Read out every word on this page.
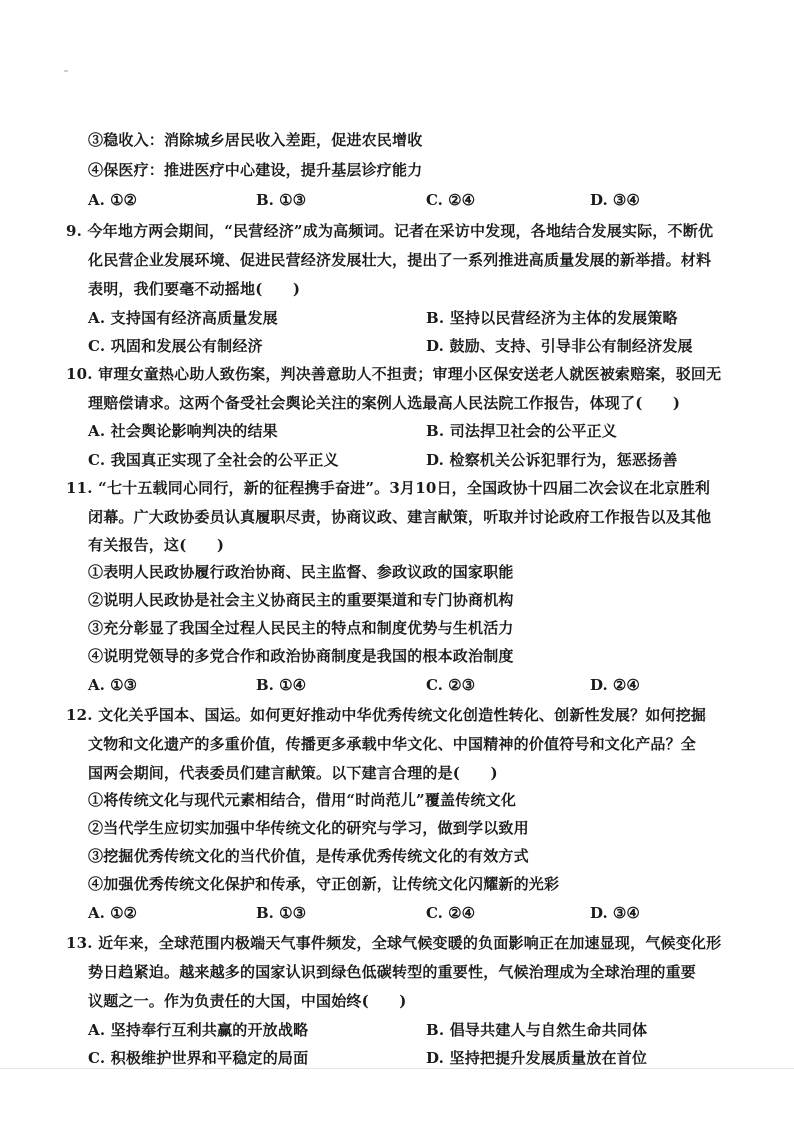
③稳收入：消除城乡居民收入差距，促进农民增收
④保医疗：推进医疗中心建设，提升基层诊疗能力
A. ①②	B. ①③	C. ②④	D. ③④
9. 今年地方两会期间，“民营经济”成为高频词。记者在采访中发现，各地结合发展实际，不断优
化民营企业发展环境、促进民营经济发展壮大，提出了一系列推进高质量发展的新举措。材料
表明，我们要毫不动摇地(　　)
A. 支持国有经济高质量发展	B. 坚持以民营经济为主体的发展策略
C. 巩固和发展公有制经济	D. 鼓励、支持、引导非公有制经济发展
10. 审理女童热心助人致伤案，判决善意助人不担责；审理小区保安送老人就医被索赔案，驳回无
理赔偿请求。这两个备受社会舆论关注的案例人选最高人民法院工作报告，体现了(　　)
A. 社会舆论影响判决的结果	B. 司法捍卫社会的公平正义
C. 我国真正实现了全社会的公平正义	D. 检察机关公诉犯罪行为，惩恶扬善
11. “七十五载同心同行，新的征程携手奋进”。3月10日，全国政协十四届二次会议在北京胜利
闭幕。广大政协委员认真履职尽责，协商议政、建言献策，听取并讨论政府工作报告以及其他
有关报告，这(　　)
①表明人民政协履行政治协商、民主监督、参政议政的国家职能
②说明人民政协是社会主义协商民主的重要渠道和专门协商机构
③充分彰显了我国全过程人民民主的特点和制度优势与生机活力
④说明党领导的多党合作和政治协商制度是我国的根本政治制度
A. ①③	B. ①④	C. ②③	D. ②④
12. 文化关乎国本、国运。如何更好推动中华优秀传统文化创造性转化、创新性发展？如何挖掘
文物和文化遗产的多重价值，传播更多承载中华文化、中国精神的价值符号和文化产品？全
国两会期间，代表委员们建言献策。以下建言合理的是(　　)
①将传统文化与现代元素相结合，借用“时尚范儿”覆盖传统文化
②当代学生应切实加强中华传统文化的研究与学习，做到学以致用
③挖掘优秀传统文化的当代价值，是传承优秀传统文化的有效方式
④加强优秀传统文化保护和传承，守正创新，让传统文化闪耀新的光彩
A. ①②	B. ①③	C. ②④	D. ③④
13. 近年来，全球范围内极端天气事件频发，全球气候变暖的负面影响正在加速显现，气候变化形
势日趋紧迫。越来越多的国家认识到绿色低碳转型的重要性，气候治理成为全球治理的重要
议题之一。作为负责任的大国，中国始终(　　)
A. 坚持奉行互利共赢的开放战略	B. 倡导共建人与自然生命共同体
C. 积极维护世界和平稳定的局面	D. 坚持把提升发展质量放在首位
